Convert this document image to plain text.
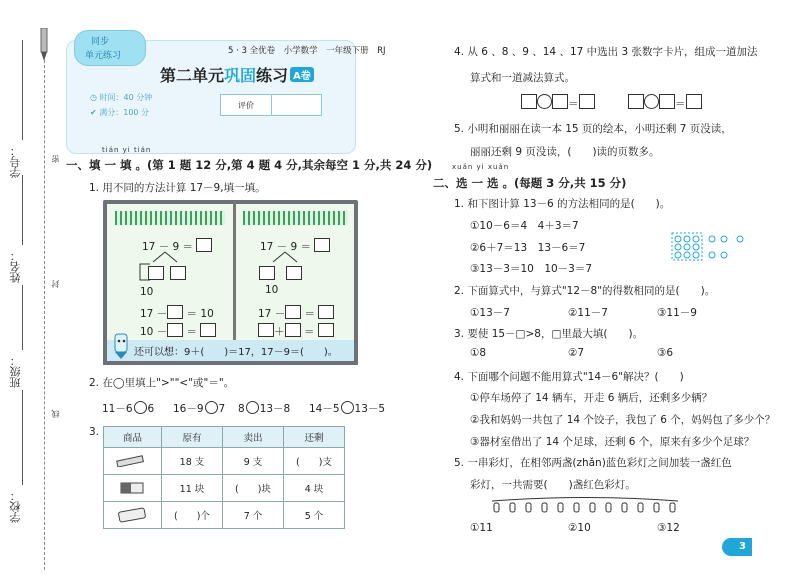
学号：
姓名：
班级：
学校：
密
封
线
同步
单元练习	5 · 3 全优卷　小学数学　一年级下册　RJ
第二单元巩固练习 A卷
◷ 时间：40 分钟
✔ 满分：100 分
评价
tián yi tián
一、填 一 填 。(第 1 题 12 分,第 4 题 4 分,其余每空 1 分,共 24 分)
1. 用不同的方法计算 17－9,填一填。
17 － 9 ＝	17 － 9 ＝
10	10
17 － ＝ 10
10 － ＝
17 － ＝
＋ ＝
还可以想：9＋(　　)＝17，17－9＝(　　)。
2. 在◯里填上">""<"或"＝"。
11－6 6 16－9 7 8 13－8 14－5 13－5
3.
商品	原有	卖出	还剩

	18 支	9 支	(　　)支

	11 块	(　　)块	4 块

	(　　)个	7 个	5 个
4. 从 6 、8 、9 、14 、17 中选出 3 张数字卡片，组成一道加法
算式和一道减法算式。
＝	＝
5. 小明和丽丽在读一本 15 页的绘本，小明还剩 7 页没读，
丽丽还剩 9 页没读，(　　)读的页数多。
xuǎn yi xuǎn
二、选 一 选 。(每题 3 分,共 15 分)
1. 和下图计算 13－6 的方法相同的是(　　)。
①10－6＝4　4＋3＝7
②6＋7＝13　13－6＝7
③13－3＝10　10－3＝7
2. 下面算式中，与算式"12－8"的得数相同的是(　　)。
①13－7	②11－7	③11－9
3. 要使 15－□>8，□里最大填(　　)。
①8	②7	③6
4. 下面哪个问题不能用算式"14－6"解决？(　　)
①停车场停了 14 辆车，开走 6 辆后，还剩多少辆？
②我和妈妈一共包了 14 个饺子，我包了 6 个，妈妈包了多少个？
③器材室借出了 14 个足球，还剩 6 个，原来有多少个足球？
5. 一串彩灯，在相邻两盏(zhǎn)蓝色彩灯之间加装一盏红色
彩灯，一共需要(　　)盏红色彩灯。
①11	②10	③12
3
